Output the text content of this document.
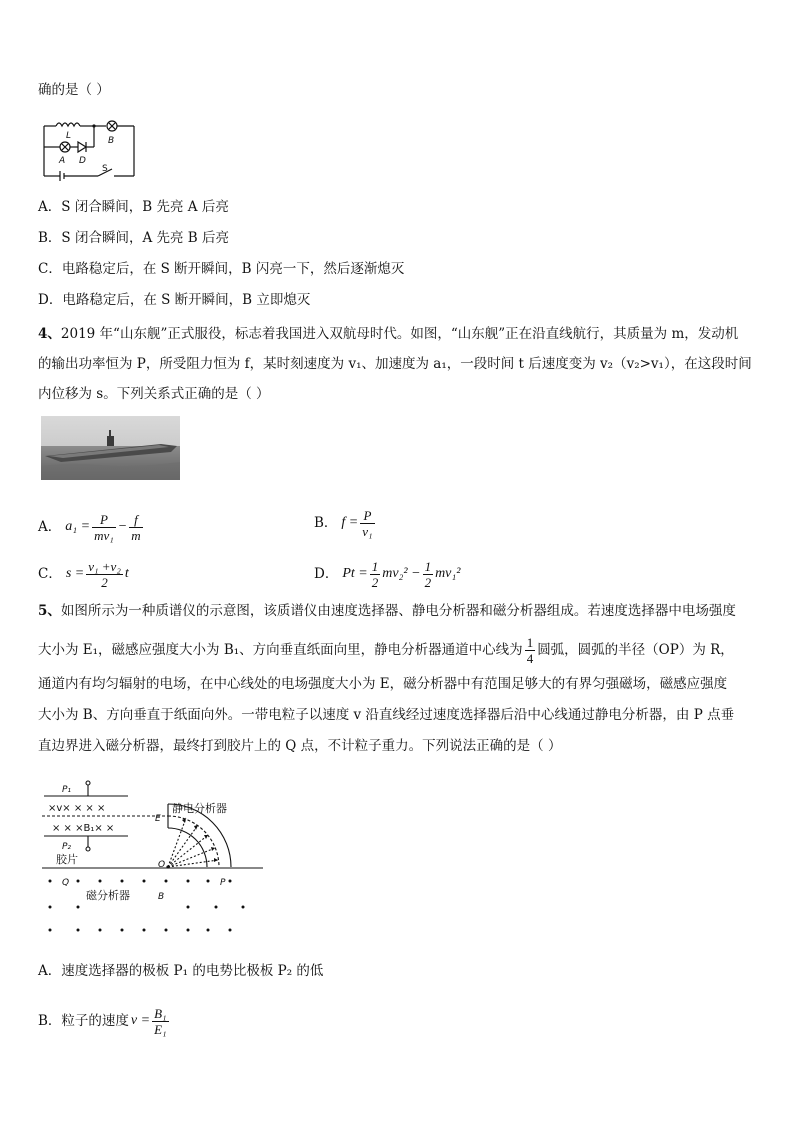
确的是（ ）
L
A D
B
S
A．S 闭合瞬间，B 先亮 A 后亮
B．S 闭合瞬间，A 先亮 B 后亮
C．电路稳定后，在 S 断开瞬间，B 闪亮一下，然后逐渐熄灭
D．电路稳定后，在 S 断开瞬间，B 立即熄灭
4、2019 年“山东舰”正式服役，标志着我国进入双航母时代。如图，“山东舰”正在沿直线航行，其质量为 m，发动机
的输出功率恒为 P，所受阻力恒为 f，某时刻速度为 v₁、加速度为 a₁，一段时间 t 后速度变为 v₂（v₂>v₁），在这段时间
内位移为 s。下列关系式正确的是（ ）
A． $a_1 = \frac{P}{\text{mv₁}} - \frac{f}{m}$	B． $f = \frac{P}{\text{v₁}}$
C． $s = \frac{\text{v₁ +v₂}}{2}$ t	D． $Pt = \frac{1}{2} mv_2^2 - \frac{1}{2} mv_1^2$
5、如图所示为一种质谱仪的示意图，该质谱仪由速度选择器、静电分析器和磁分析器组成。若速度选择器中电场强度
大小为 E₁，磁感应强度大小为 B₁、方向垂直纸面向里，静电分析器通道中心线为 $\frac{1}{4}$ 圆弧，圆弧的半径（OP）为 R，
通道内有均匀辐射的电场，在中心线处的电场强度大小为 E，磁分析器中有范围足够大的有界匀强磁场，磁感应强度
大小为 B、方向垂直于纸面向外。一带电粒子以速度 v 沿直线经过速度选择器后沿中心线通过静电分析器，由 P 点垂
直边界进入磁分析器，最终打到胶片上的 Q 点，不计粒子重力。下列说法正确的是（ ）
P₁
×v× × × ×
× × ×B₁× ×
P₂
静电分析器
E
胶片	O
Q	P
磁分析器	B
A．速度选择器的极板 P₁ 的电势比极板 P₂ 的低
B．粒子的速度 $v = \frac{\text{B₁}}{\text{E₁}}$
